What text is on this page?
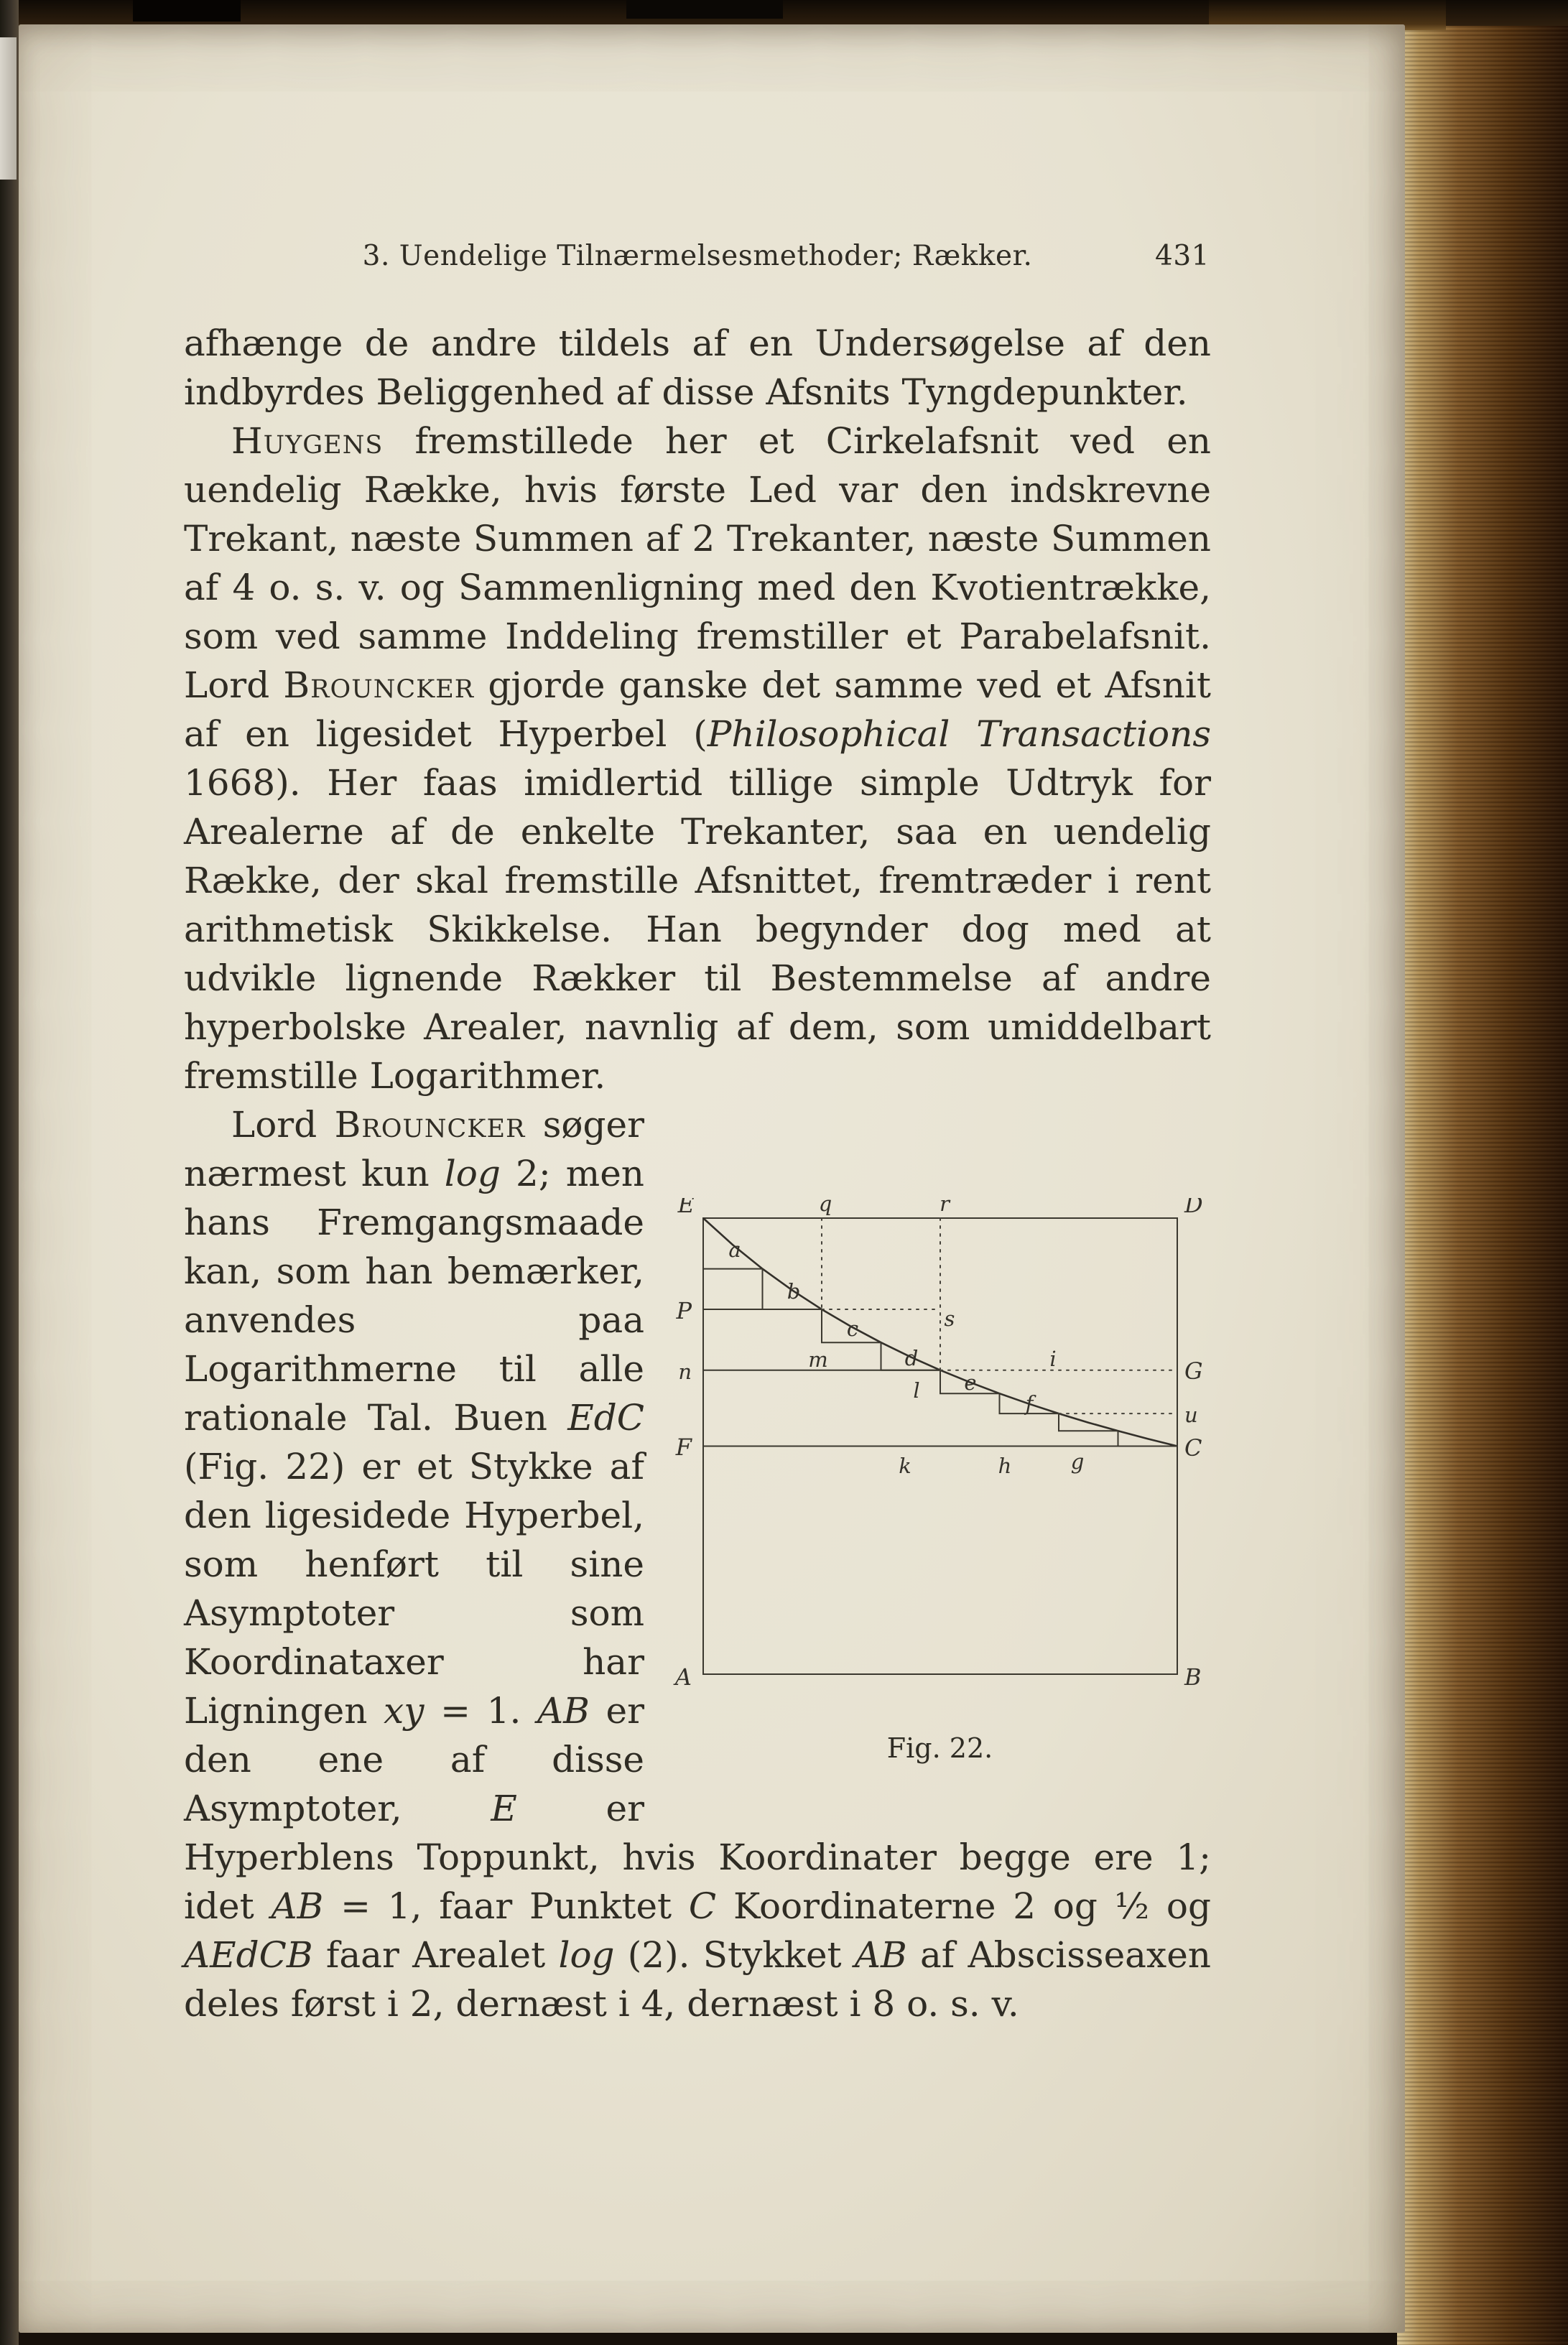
3. Uendelige Tilnærmelsesmethoder; Rækker.	431

afhænge de andre tildels af en Undersøgelse af den indbyrdes Beliggenhed af disse Afsnits Tyngdepunkter.

Huygens fremstillede her et Cirkelafsnit ved en uendelig Række, hvis første Led var den indskrevne Trekant, næste Summen af 2 Trekanter, næste Summen af 4 o. s. v. og Sammenligning med den Kvotientrække, som ved samme Inddeling fremstiller et Parabelafsnit. Lord Brouncker gjorde ganske det samme ved et Afsnit af en ligesidet Hyperbel (Philosophical Transactions 1668). Her faas imidlertid tillige simple Udtryk for Arealerne af de enkelte Trekanter, saa en uendelig Række, der skal fremstille Afsnittet, fremtræder i rent arithmetisk Skikkelse. Han begynder dog med at udvikle lignende Rækker til Bestemmelse af andre hyperbolske Arealer, navnlig af dem, som umiddelbart fremstille Logarithmer.

E	q	r	D
P
n
F
A
G
u
C
B
a
b
c	s
m	d
l e
i
f
k	h	g
Fig. 22.
Lord Brouncker søger nærmest kun log 2; men hans Fremgangsmaade kan, som han bemærker, anvendes paa Logarithmerne til alle rationale Tal. Buen EdC (Fig. 22) er et Stykke af den ligesidede Hyperbel, som henført til sine Asymptoter som Koordinataxer har Ligningen xy = 1. AB er den ene af disse Asymptoter, E er Hyperblens Toppunkt, hvis Koordinater begge ere 1; idet AB = 1, faar Punktet C Koordinaterne 2 og ½ og AEdCB faar Arealet log (2). Stykket AB af Abscisseaxen deles først i 2, dernæst i 4, dernæst i 8 o. s. v.
